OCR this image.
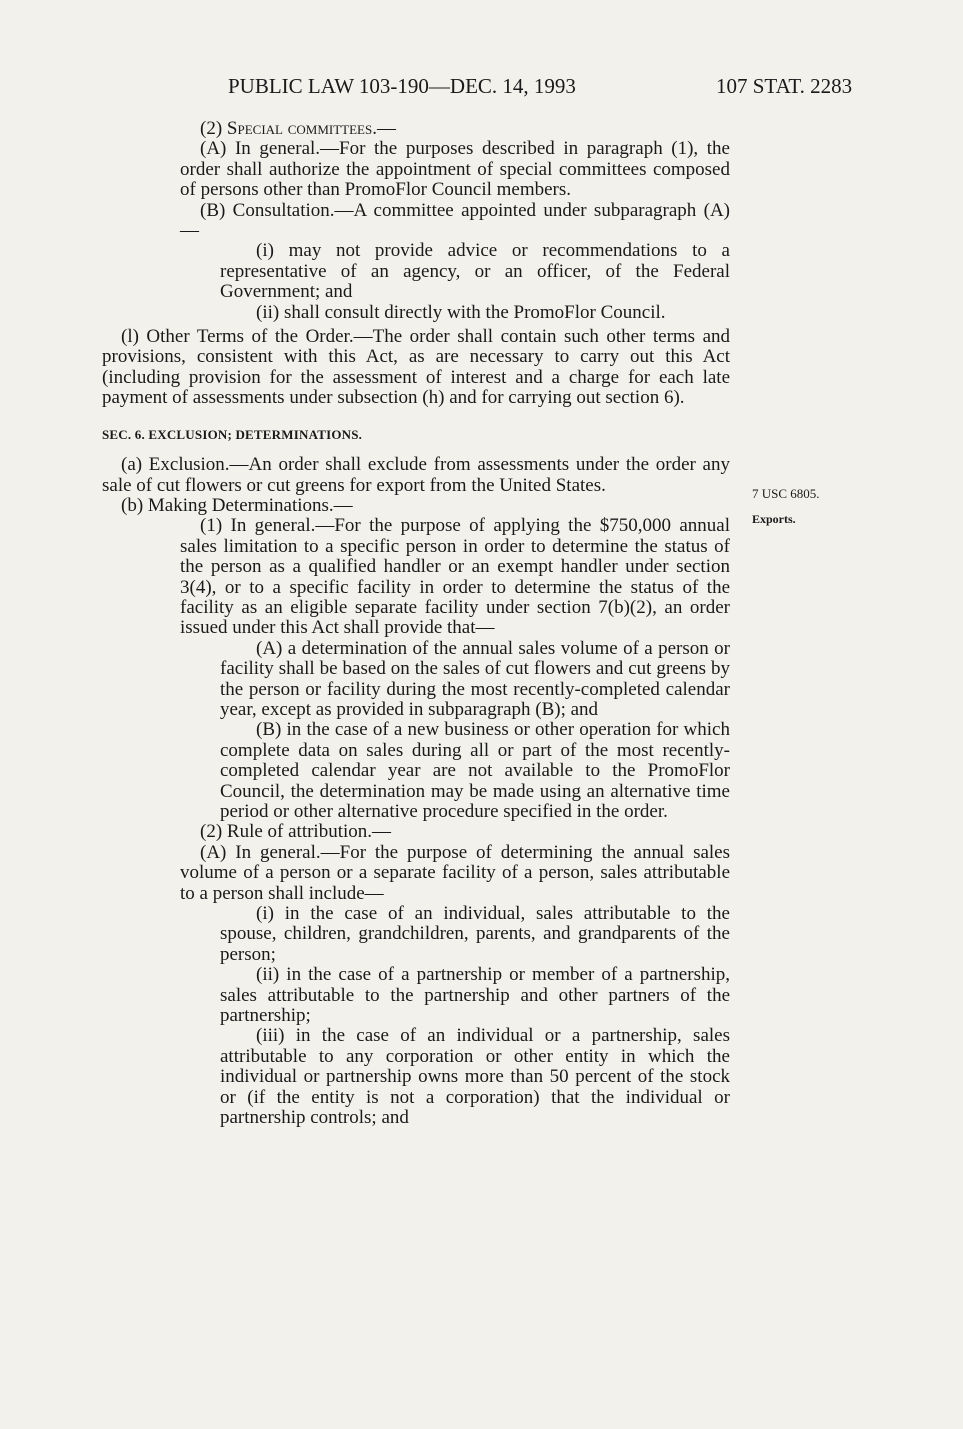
PUBLIC LAW 103-190—DEC. 14, 1993	107 STAT. 2283

(2) Special committees.—

(A) In general.—For the purposes described in paragraph (1), the order shall authorize the appointment of special committees composed of persons other than PromoFlor Council members.

(B) Consultation.—A committee appointed under subparagraph (A)—

(i) may not provide advice or recommendations to a representative of an agency, or an officer, of the Federal Government; and

(ii) shall consult directly with the PromoFlor Council.

(l) Other Terms of the Order.—The order shall contain such other terms and provisions, consistent with this Act, as are necessary to carry out this Act (including provision for the assessment of interest and a charge for each late payment of assessments under subsection (h) and for carrying out section 6).

SEC. 6. EXCLUSION; DETERMINATIONS.

(a) Exclusion.—An order shall exclude from assessments under the order any sale of cut flowers or cut greens for export from the United States.

(b) Making Determinations.—

(1) In general.—For the purpose of applying the $750,000 annual sales limitation to a specific person in order to determine the status of the person as a qualified handler or an exempt handler under section 3(4), or to a specific facility in order to determine the status of the facility as an eligible separate facility under section 7(b)(2), an order issued under this Act shall provide that—

(A) a determination of the annual sales volume of a person or facility shall be based on the sales of cut flowers and cut greens by the person or facility during the most recently-completed calendar year, except as provided in subparagraph (B); and

(B) in the case of a new business or other operation for which complete data on sales during all or part of the most recently-completed calendar year are not available to the PromoFlor Council, the determination may be made using an alternative time period or other alternative procedure specified in the order.

(2) Rule of attribution.—

(A) In general.—For the purpose of determining the annual sales volume of a person or a separate facility of a person, sales attributable to a person shall include—

(i) in the case of an individual, sales attributable to the spouse, children, grandchildren, parents, and grandparents of the person;

(ii) in the case of a partnership or member of a partnership, sales attributable to the partnership and other partners of the partnership;

(iii) in the case of an individual or a partnership, sales attributable to any corporation or other entity in which the individual or partnership owns more than 50 percent of the stock or (if the entity is not a corporation) that the individual or partnership controls; and

7 USC 6805.
Exports.
